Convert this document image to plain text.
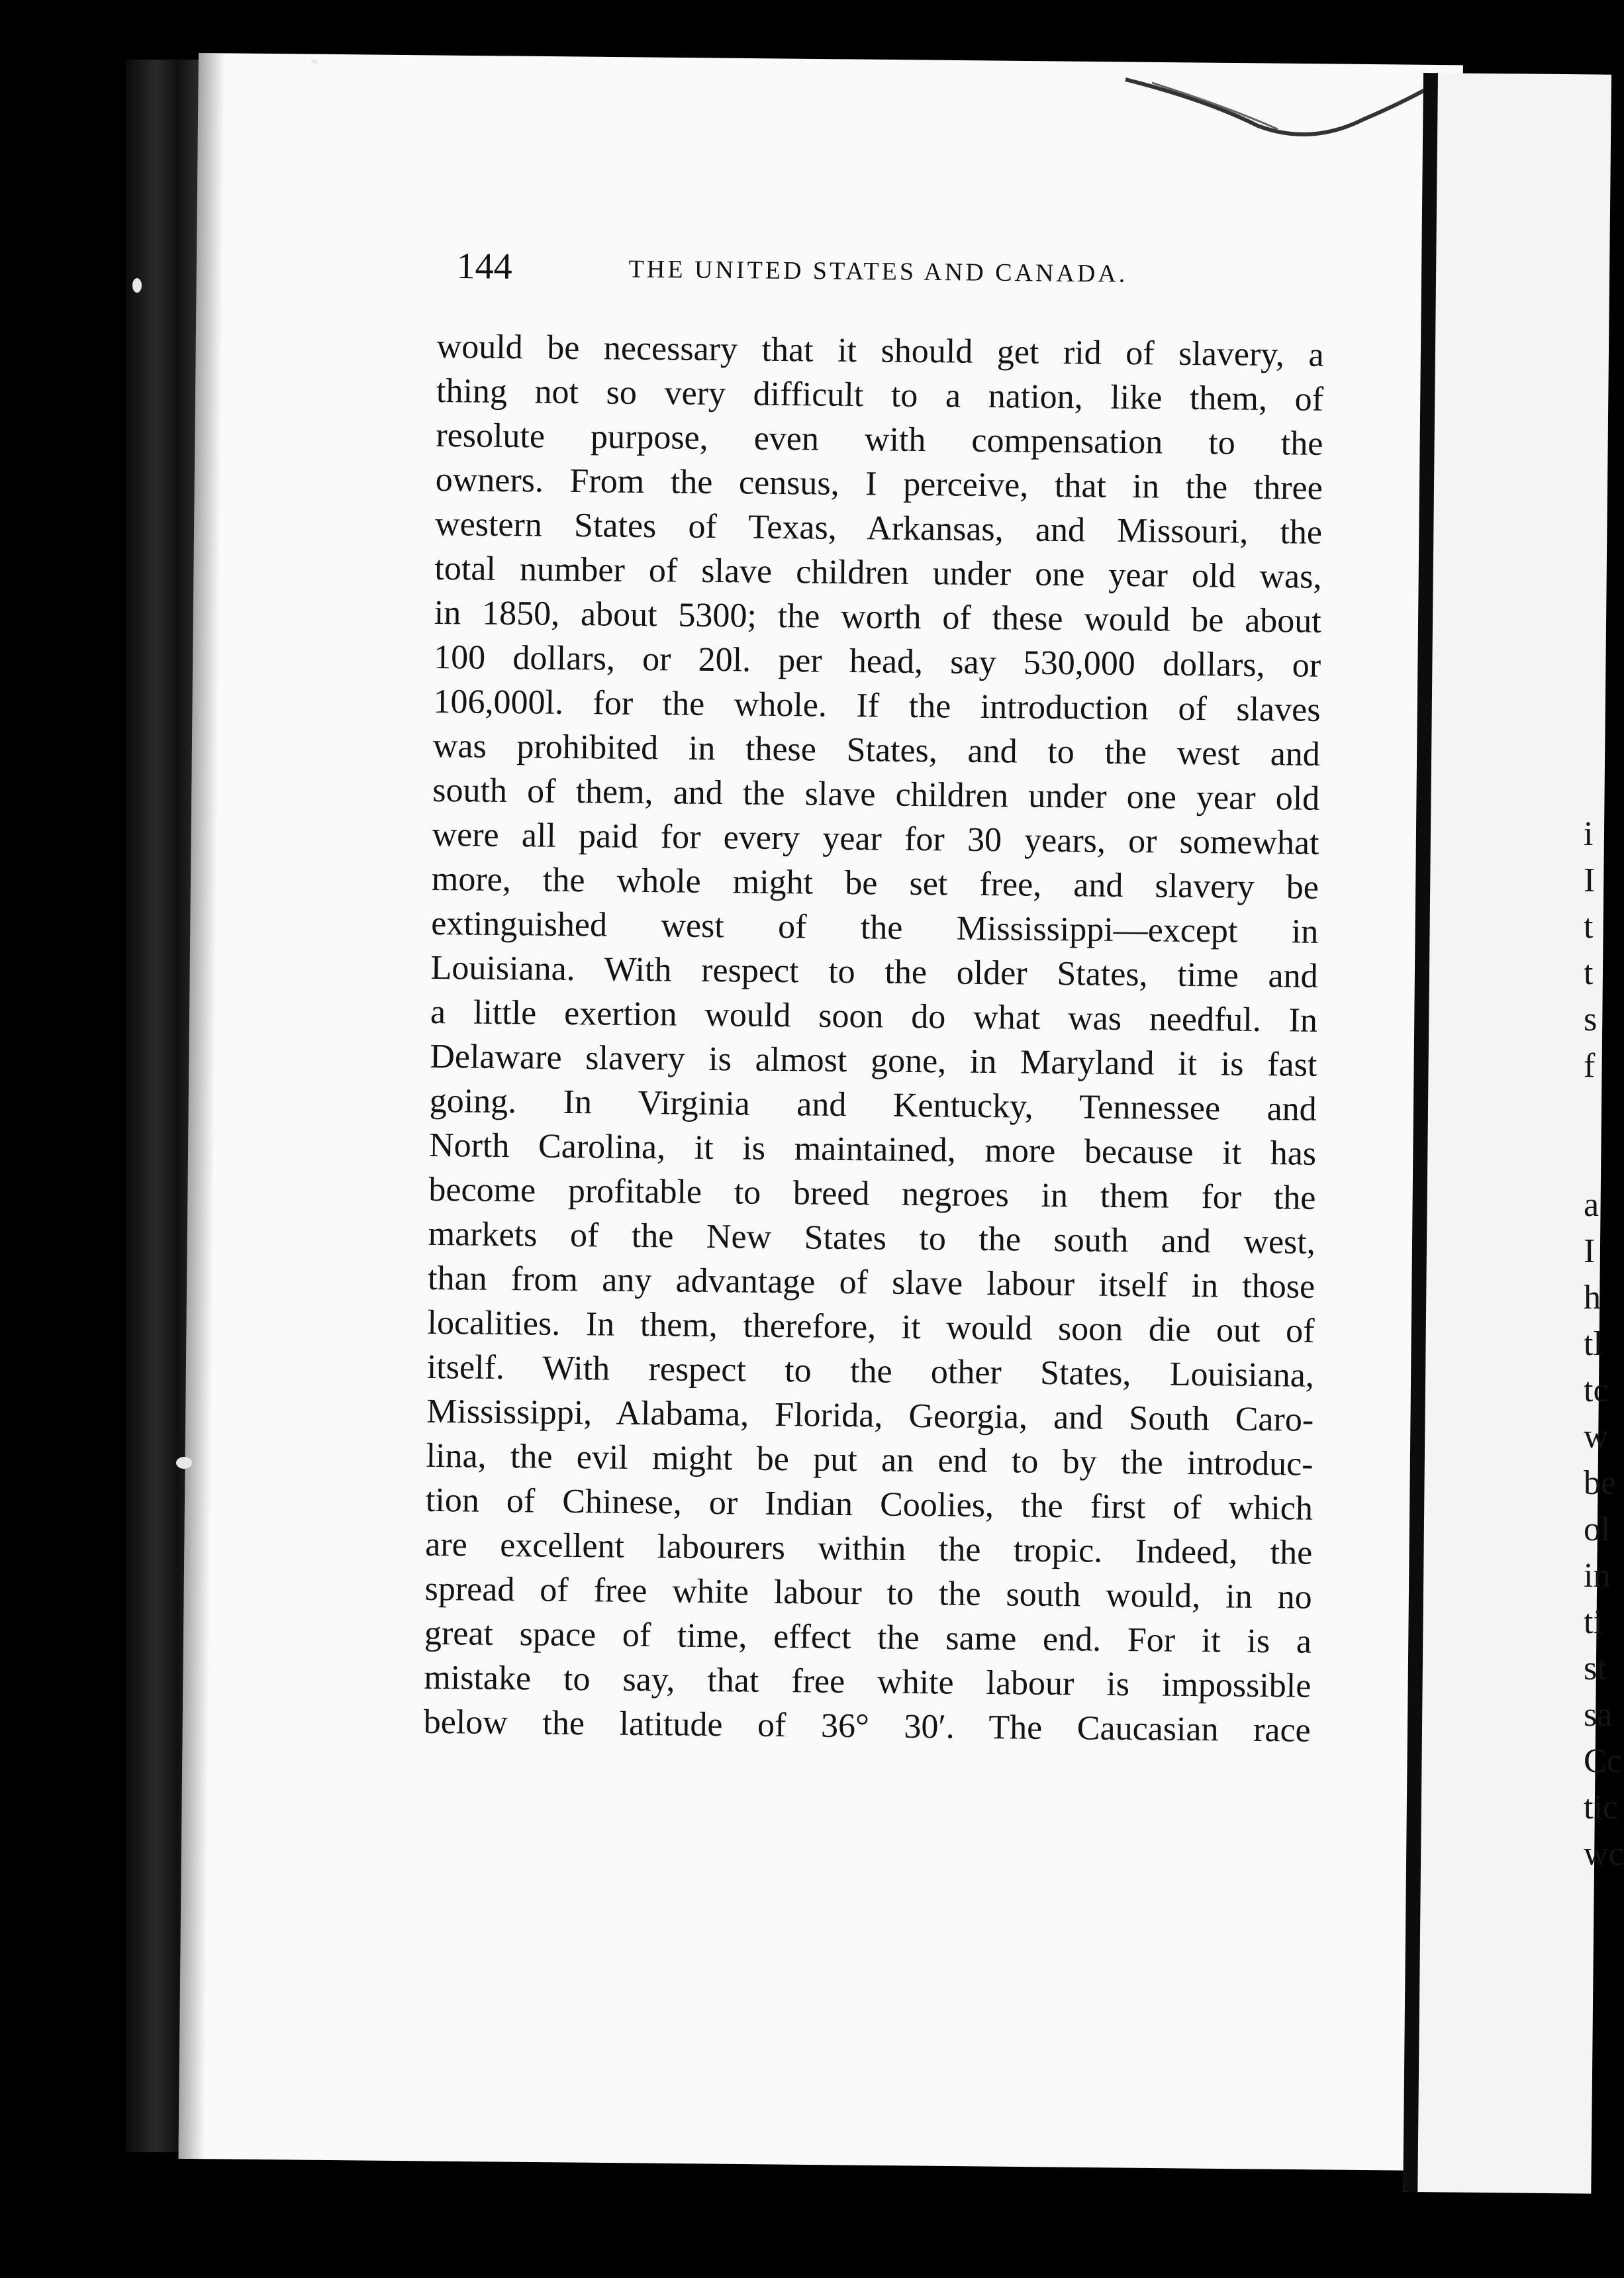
144	THE UNITED STATES AND CANADA.
would be necessary that it should get rid of slavery, a
thing not so very difficult to a nation, like them, of
resolute purpose, even with compensation to the
owners. From the census, I perceive, that in the three
western States of Texas, Arkansas, and Missouri, the
total number of slave children under one year old was,
in 1850, about 5300; the worth of these would be about
100 dollars, or 20l. per head, say 530,000 dollars, or
106,000l. for the whole. If the introduction of slaves
was prohibited in these States, and to the west and
south of them, and the slave children under one year old
were all paid for every year for 30 years, or somewhat
more, the whole might be set free, and slavery be
extinguished west of the Mississippi—except in
Louisiana. With respect to the older States, time and
a little exertion would soon do what was needful. In
Delaware slavery is almost gone, in Maryland it is fast
going. In Virginia and Kentucky, Tennessee and
North Carolina, it is maintained, more because it has
become profitable to breed negroes in them for the
markets of the New States to the south and west,
than from any advantage of slave labour itself in those
localities. In them, therefore, it would soon die out of
itself. With respect to the other States, Louisiana,
Mississippi, Alabama, Florida, Georgia, and South Caro-
lina, the evil might be put an end to by the introduc-
tion of Chinese, or Indian Coolies, the first of which
are excellent labourers within the tropic. Indeed, the
spread of free white labour to the south would, in no
great space of time, effect the same end. For it is a
mistake to say, that free white labour is impossible
below the latitude of 36° 30′. The Caucasian race
i
I
t
t
s
f
a
I
h
tl
tc
w
be
ol
in
ti
st
sa
Cc
tic
wc
